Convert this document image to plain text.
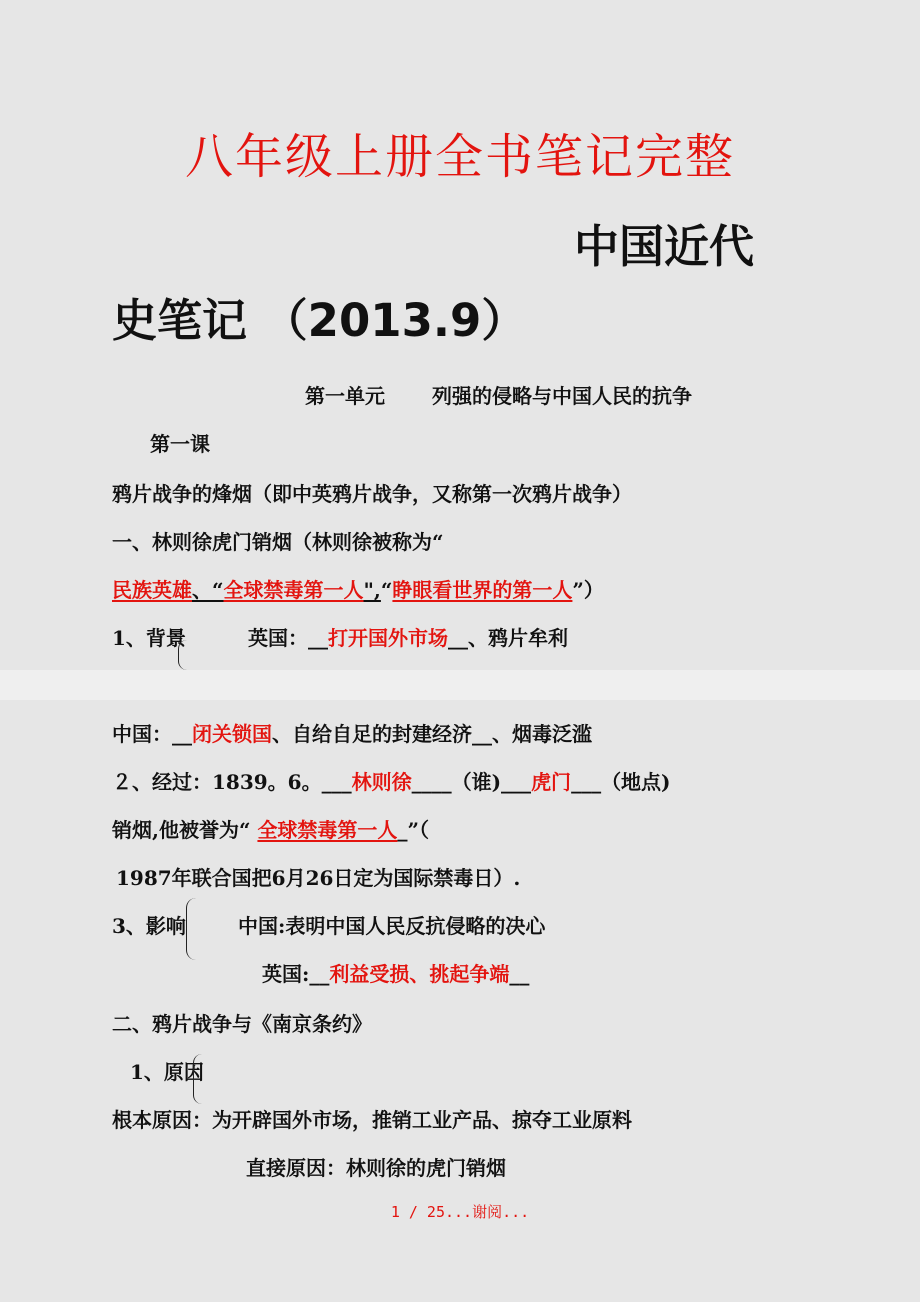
八年级上册全书笔记完整
中国近代
史笔记 （2013.9）
第一单元　　 列强的侵略与中国人民的抗争
第一课
鸦片战争的烽烟（即中英鸦片战争，又称第一次鸦片战争）
一、林则徐虎门销烟（林则徐被称为“
民族英雄、“全球禁毒第一人",“睁眼看世界的第一人”）
1、背景	英国：__打开国外市场__、鸦片牟利
中国：__闭关锁国、自给自足的封建经济__、烟毒泛滥
２、经过：1839。6。___林则徐____（谁)___虎门___（地点)
销烟,他被誉为“ 全球禁毒第一人_”（
1987年联合国把6月26日定为国际禁毒日）.
3、影响	中国:表明中国人民反抗侵略的决心
英国:__利益受损、挑起争端__
二、鸦片战争与《南京条约》
1、原因
根本原因：为开辟国外市场，推销工业产品、掠夺工业原料
直接原因：林则徐的虎门销烟
1 / 25...谢阅...
